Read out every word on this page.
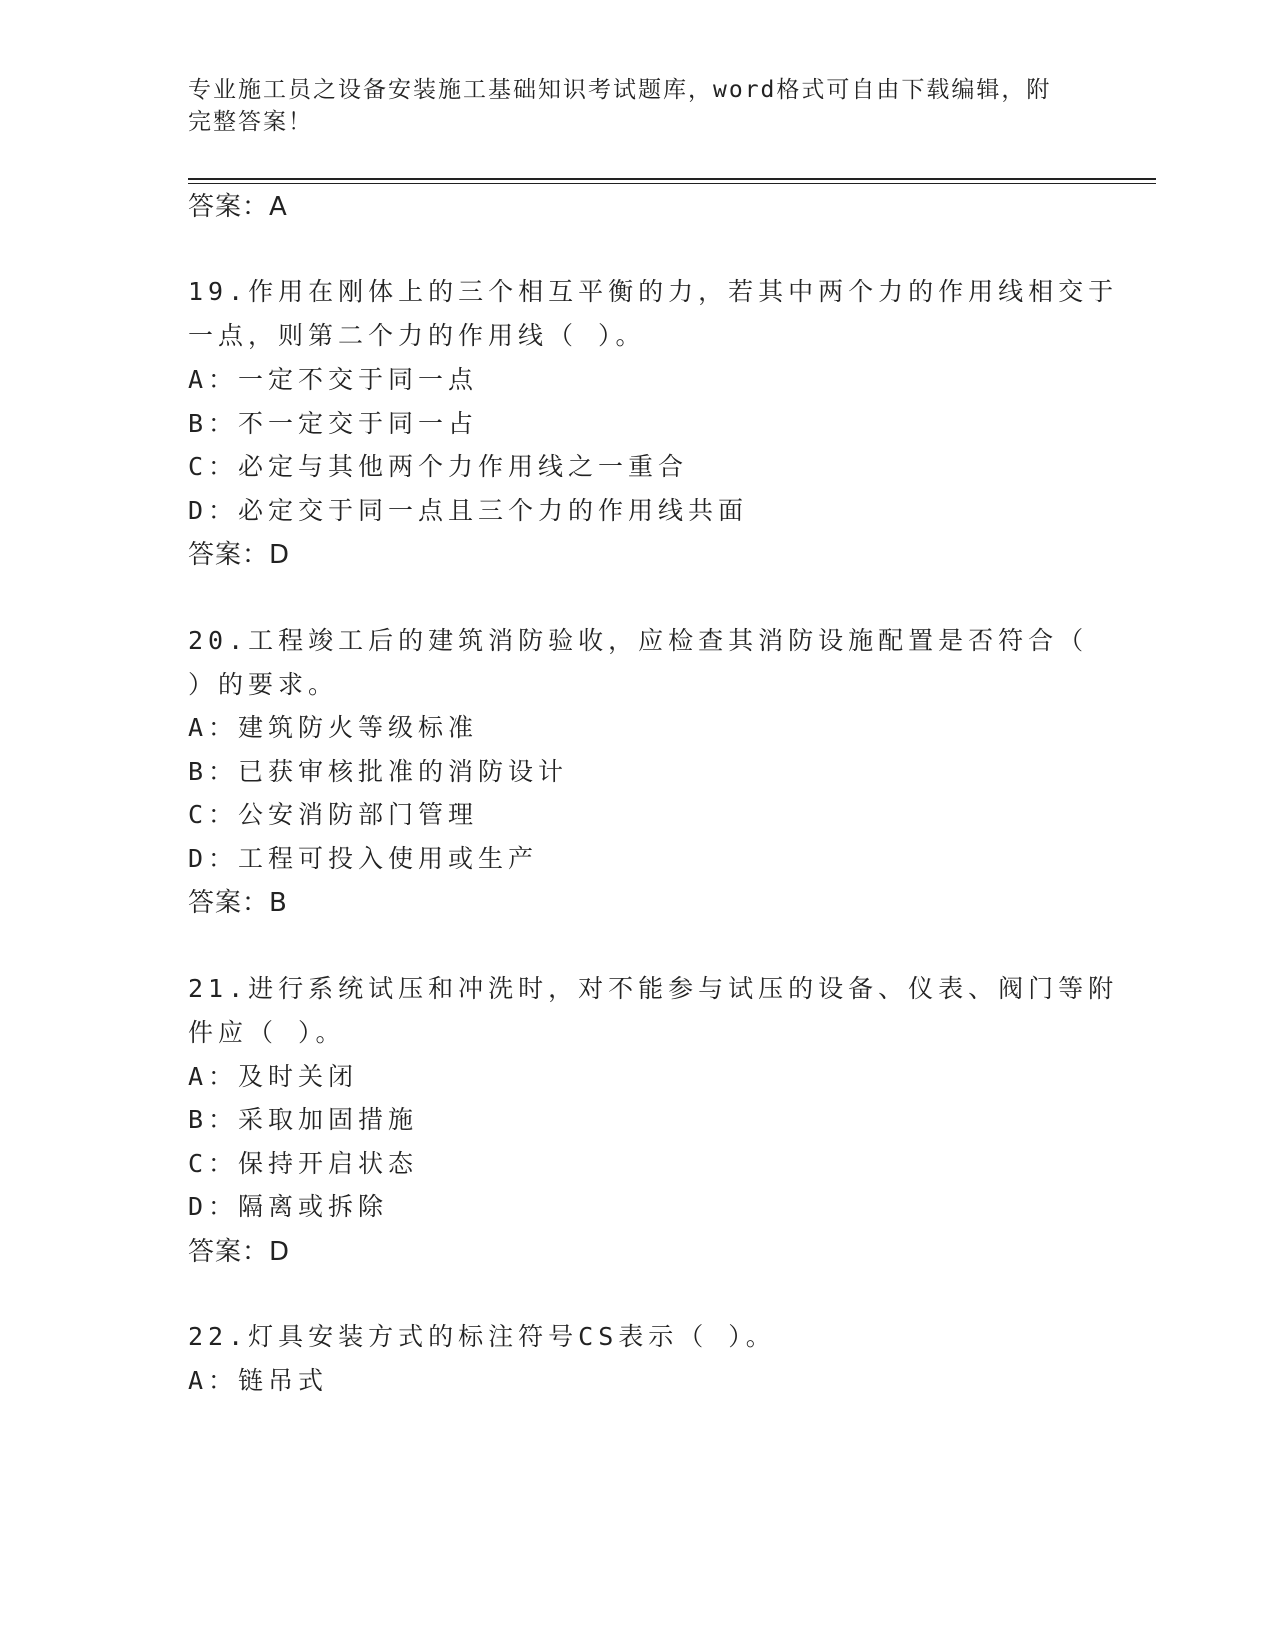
专业施工员之设备安装施工基础知识考试题库，word格式可自由下载编辑，附完整答案！
答案：A
19.作用在刚体上的三个相互平衡的力，若其中两个力的作用线相交于
一点，则第二个力的作用线（ ）。
A：一定不交于同一点
B：不一定交于同一占
C：必定与其他两个力作用线之一重合
D：必定交于同一点且三个力的作用线共面
答案：D
20.工程竣工后的建筑消防验收，应检查其消防设施配置是否符合（
）的要求。
A：建筑防火等级标准
B：已获审核批准的消防设计
C：公安消防部门管理
D：工程可投入使用或生产
答案：B
21.进行系统试压和冲洗时，对不能参与试压的设备、仪表、阀门等附
件应（ ）。
A：及时关闭
B：采取加固措施
C：保持开启状态
D：隔离或拆除
答案：D
22.灯具安装方式的标注符号CS表示（ ）。
A：链吊式
